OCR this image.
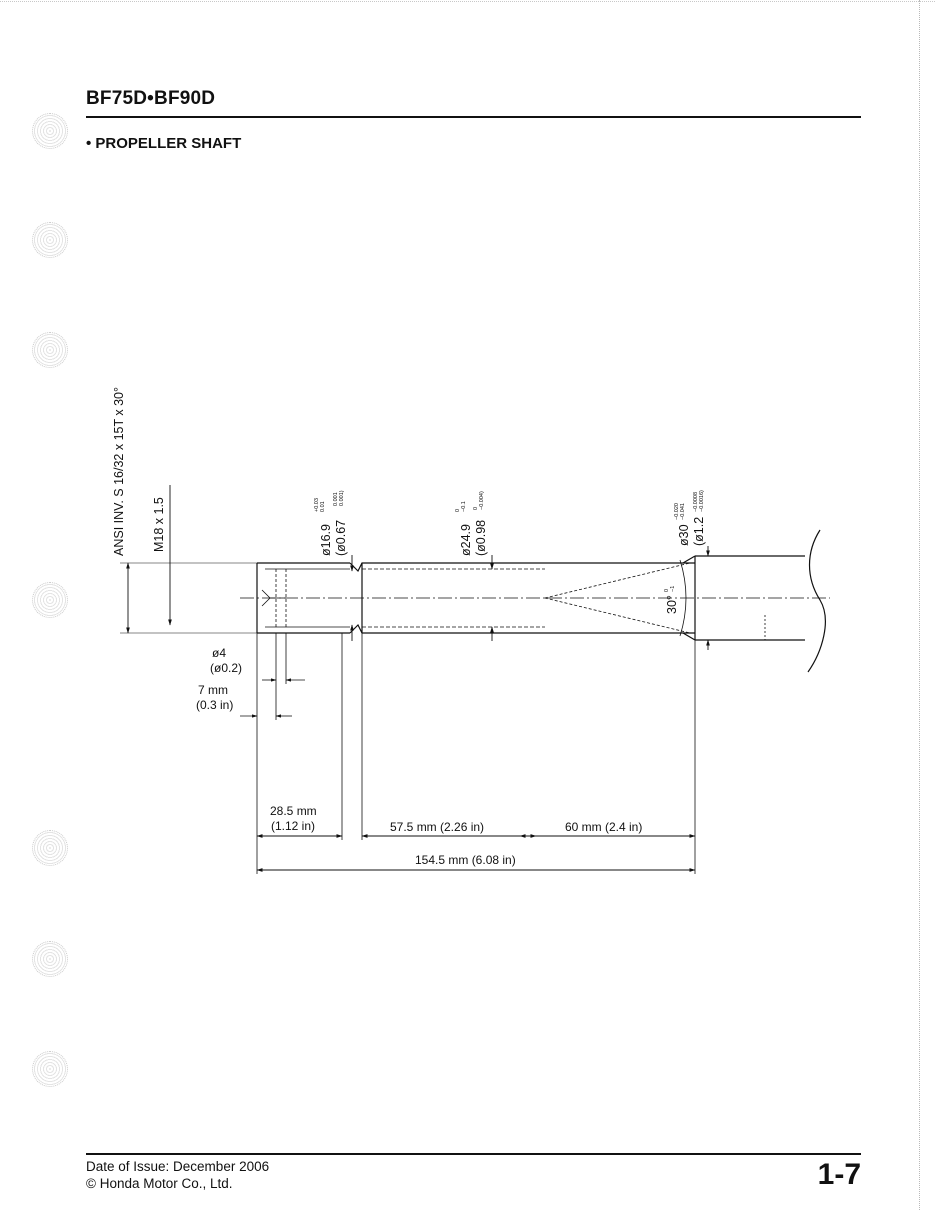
BF75D•BF90D
• PROPELLER SHAFT
ANSI INV. S 16/32 x 15T x 30° M18 x 1.5	ø16.9
+0.03 0.01
(ø0.67
0.001 0.001)
ø24.9
0 −0.1
(ø0.98
0 −0.004)
ø30
−0.020 −0.041
(ø1.2
−0.0008 −0.0016)
30°
0 −1
ø4
(ø0.2)
7 mm
(0.3 in)
28.5 mm
(1.12 in)	57.5 mm (2.26 in)	60 mm (2.4 in)
154.5 mm (6.08 in)
Date of Issue: December 2006
© Honda Motor Co., Ltd.	1-7
